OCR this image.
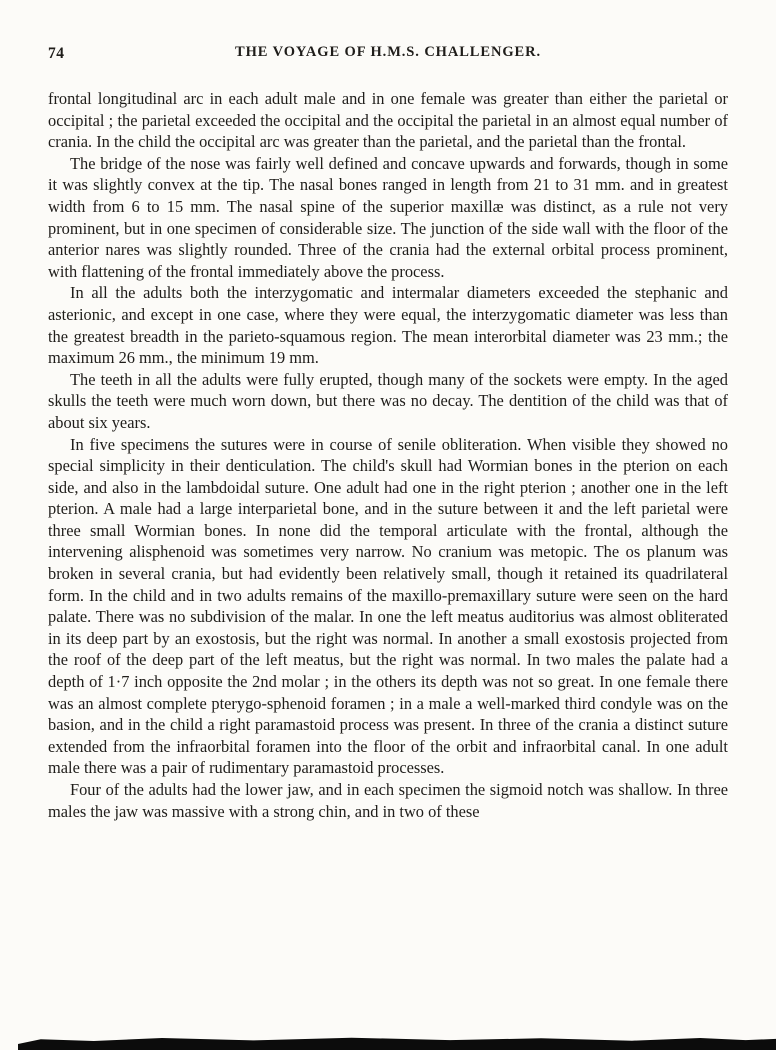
74	THE VOYAGE OF H.M.S. CHALLENGER.

frontal longitudinal arc in each adult male and in one female was greater than either the parietal or occipital ; the parietal exceeded the occipital and the occipital the parietal in an almost equal number of crania. In the child the occipital arc was greater than the parietal, and the parietal than the frontal.

The bridge of the nose was fairly well defined and concave upwards and forwards, though in some it was slightly convex at the tip. The nasal bones ranged in length from 21 to 31 mm. and in greatest width from 6 to 15 mm. The nasal spine of the superior maxillæ was distinct, as a rule not very prominent, but in one specimen of considerable size. The junction of the side wall with the floor of the anterior nares was slightly rounded. Three of the crania had the external orbital process prominent, with flattening of the frontal immediately above the process.

In all the adults both the interzygomatic and intermalar diameters exceeded the stephanic and asterionic, and except in one case, where they were equal, the interzygomatic diameter was less than the greatest breadth in the parieto-squamous region. The mean interorbital diameter was 23 mm.; the maximum 26 mm., the minimum 19 mm.

The teeth in all the adults were fully erupted, though many of the sockets were empty. In the aged skulls the teeth were much worn down, but there was no decay. The dentition of the child was that of about six years.

In five specimens the sutures were in course of senile obliteration. When visible they showed no special simplicity in their denticulation. The child's skull had Wormian bones in the pterion on each side, and also in the lambdoidal suture. One adult had one in the right pterion ; another one in the left pterion. A male had a large interparietal bone, and in the suture between it and the left parietal were three small Wormian bones. In none did the temporal articulate with the frontal, although the intervening alisphenoid was sometimes very narrow. No cranium was metopic. The os planum was broken in several crania, but had evidently been relatively small, though it retained its quadrilateral form. In the child and in two adults remains of the maxillo-premaxillary suture were seen on the hard palate. There was no subdivision of the malar. In one the left meatus auditorius was almost obliterated in its deep part by an exostosis, but the right was normal. In another a small exostosis projected from the roof of the deep part of the left meatus, but the right was normal. In two males the palate had a depth of 1·7 inch opposite the 2nd molar ; in the others its depth was not so great. In one female there was an almost complete pterygo-sphenoid foramen ; in a male a well-marked third condyle was on the basion, and in the child a right paramastoid process was present. In three of the crania a distinct suture extended from the infraorbital foramen into the floor of the orbit and infraorbital canal. In one adult male there was a pair of rudimentary paramastoid processes.

Four of the adults had the lower jaw, and in each specimen the sigmoid notch was shallow. In three males the jaw was massive with a strong chin, and in two of these
